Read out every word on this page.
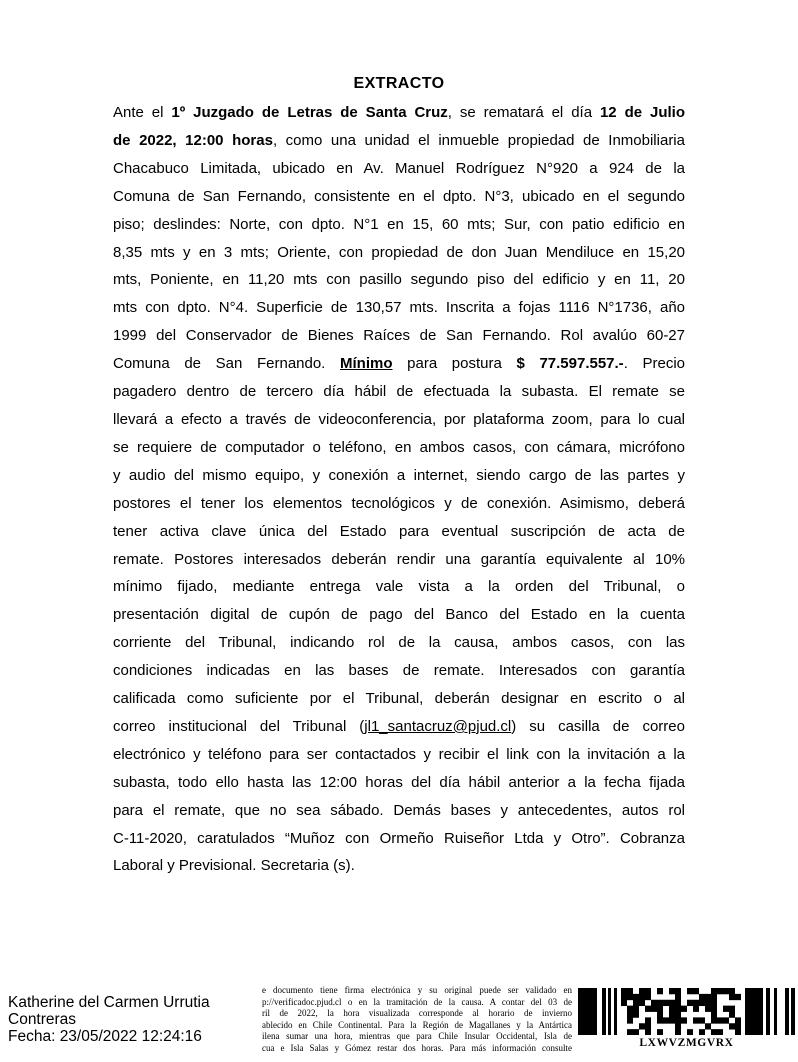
EXTRACTO
Ante el 1º Juzgado de Letras de Santa Cruz, se rematará el día 12 de Julio
de 2022, 12:00 horas, como una unidad el inmueble propiedad de Inmobiliaria
Chacabuco Limitada, ubicado en Av. Manuel Rodríguez N°920 a 924 de la
Comuna de San Fernando, consistente en el dpto. N°3, ubicado en el segundo
piso; deslindes: Norte, con dpto. N°1 en 15, 60 mts; Sur, con patio edificio en
8,35 mts y en 3 mts; Oriente, con propiedad de don Juan Mendiluce en 15,20
mts, Poniente, en 11,20 mts con pasillo segundo piso del edificio y en 11, 20
mts con dpto. N°4. Superficie de 130,57 mts. Inscrita a fojas 1116 N°1736, año
1999 del Conservador de Bienes Raíces de San Fernando. Rol avalúo 60-27
Comuna de San Fernando. Mínimo para postura $ 77.597.557.-. Precio
pagadero dentro de tercero día hábil de efectuada la subasta. El remate se
llevará a efecto a través de videoconferencia, por plataforma zoom, para lo cual
se requiere de computador o teléfono, en ambos casos, con cámara, micrófono
y audio del mismo equipo, y conexión a internet, siendo cargo de las partes y
postores el tener los elementos tecnológicos y de conexión. Asimismo, deberá
tener activa clave única del Estado para eventual suscripción de acta de
remate. Postores interesados deberán rendir una garantía equivalente al 10%
mínimo fijado, mediante entrega vale vista a la orden del Tribunal, o
presentación digital de cupón de pago del Banco del Estado en la cuenta
corriente del Tribunal, indicando rol de la causa, ambos casos, con las
condiciones indicadas en las bases de remate. Interesados con garantía
calificada como suficiente por el Tribunal, deberán designar en escrito o al
correo institucional del Tribunal (jl1_santacruz@pjud.cl) su casilla de correo
electrónico y teléfono para ser contactados y recibir el link con la invitación a la
subasta, todo ello hasta las 12:00 horas del día hábil anterior a la fecha fijada
para el remate, que no sea sábado. Demás bases y antecedentes, autos rol
C-11-2020, caratulados “Muñoz con Ormeño Ruiseñor Ltda y Otro”. Cobranza
Laboral y Previsional. Secretaria (s).
Katherine del Carmen Urrutia
Contreras
Fecha: 23/05/2022 12:24:16
e documento tiene firma electrónica y su original puede ser validado en
p://verificadoc.pjud.cl o en la tramitación de la causa. A contar del 03 de
ril de 2022, la hora visualizada corresponde al horario de invierno
ablecido en Chile Continental. Para la Región de Magallanes y la Antártica
ilena sumar una hora, mientras que para Chile Insular Occidental, Isla de
cua e Isla Salas y Gómez restar dos horas. Para más información consulte	LXWVZMGVRX
